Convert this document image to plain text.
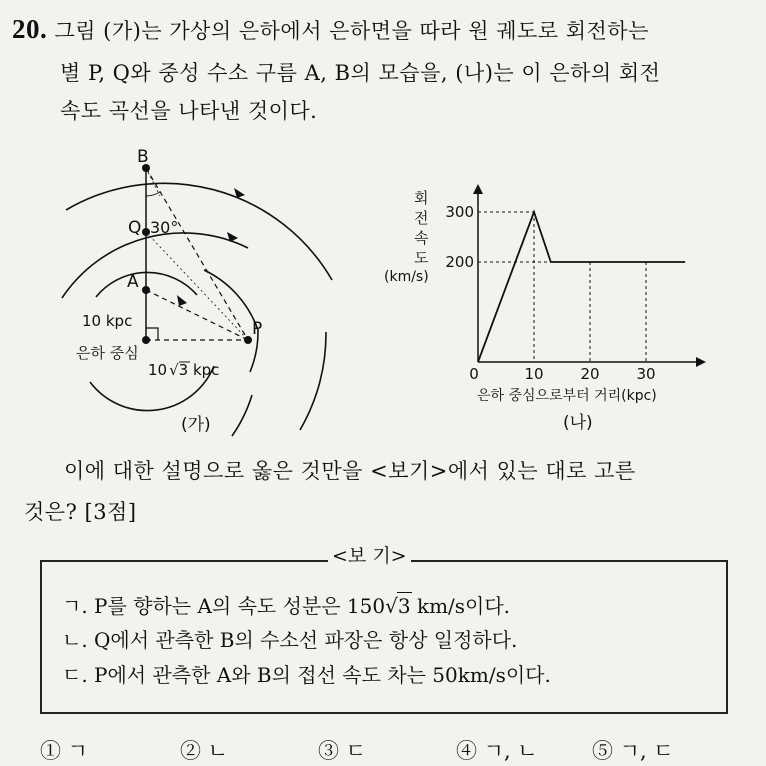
20. 그림 (가)는 가상의 은하에서 은하면을 따라 원 궤도로 회전하는
별 P, Q와 중성 수소 구름 A, B의 모습을, (나)는 이 은하의 회전
속도 곡선을 나타낸 것이다.
B
Q 30°
A
10 kpc
은하 중심
P
10 √3 kpc
(가)
회
전
속
도
(km/s)
0	10 20 30
200
300
은하 중심으로부터 거리(kpc)
(나)
이에 대한 설명으로 옳은 것만을 <보기>에서 있는 대로 고른
것은? [3점]
<보 기>
ㄱ. P를 향하는 A의 속도 성분은 150√3 km/s이다.
ㄴ. Q에서 관측한 B의 수소선 파장은 항상 일정하다.
ㄷ. P에서 관측한 A와 B의 접선 속도 차는 50km/s이다.
① ㄱ	② ㄴ	③ ㄷ	④ ㄱ, ㄴ	⑤ ㄱ, ㄷ
